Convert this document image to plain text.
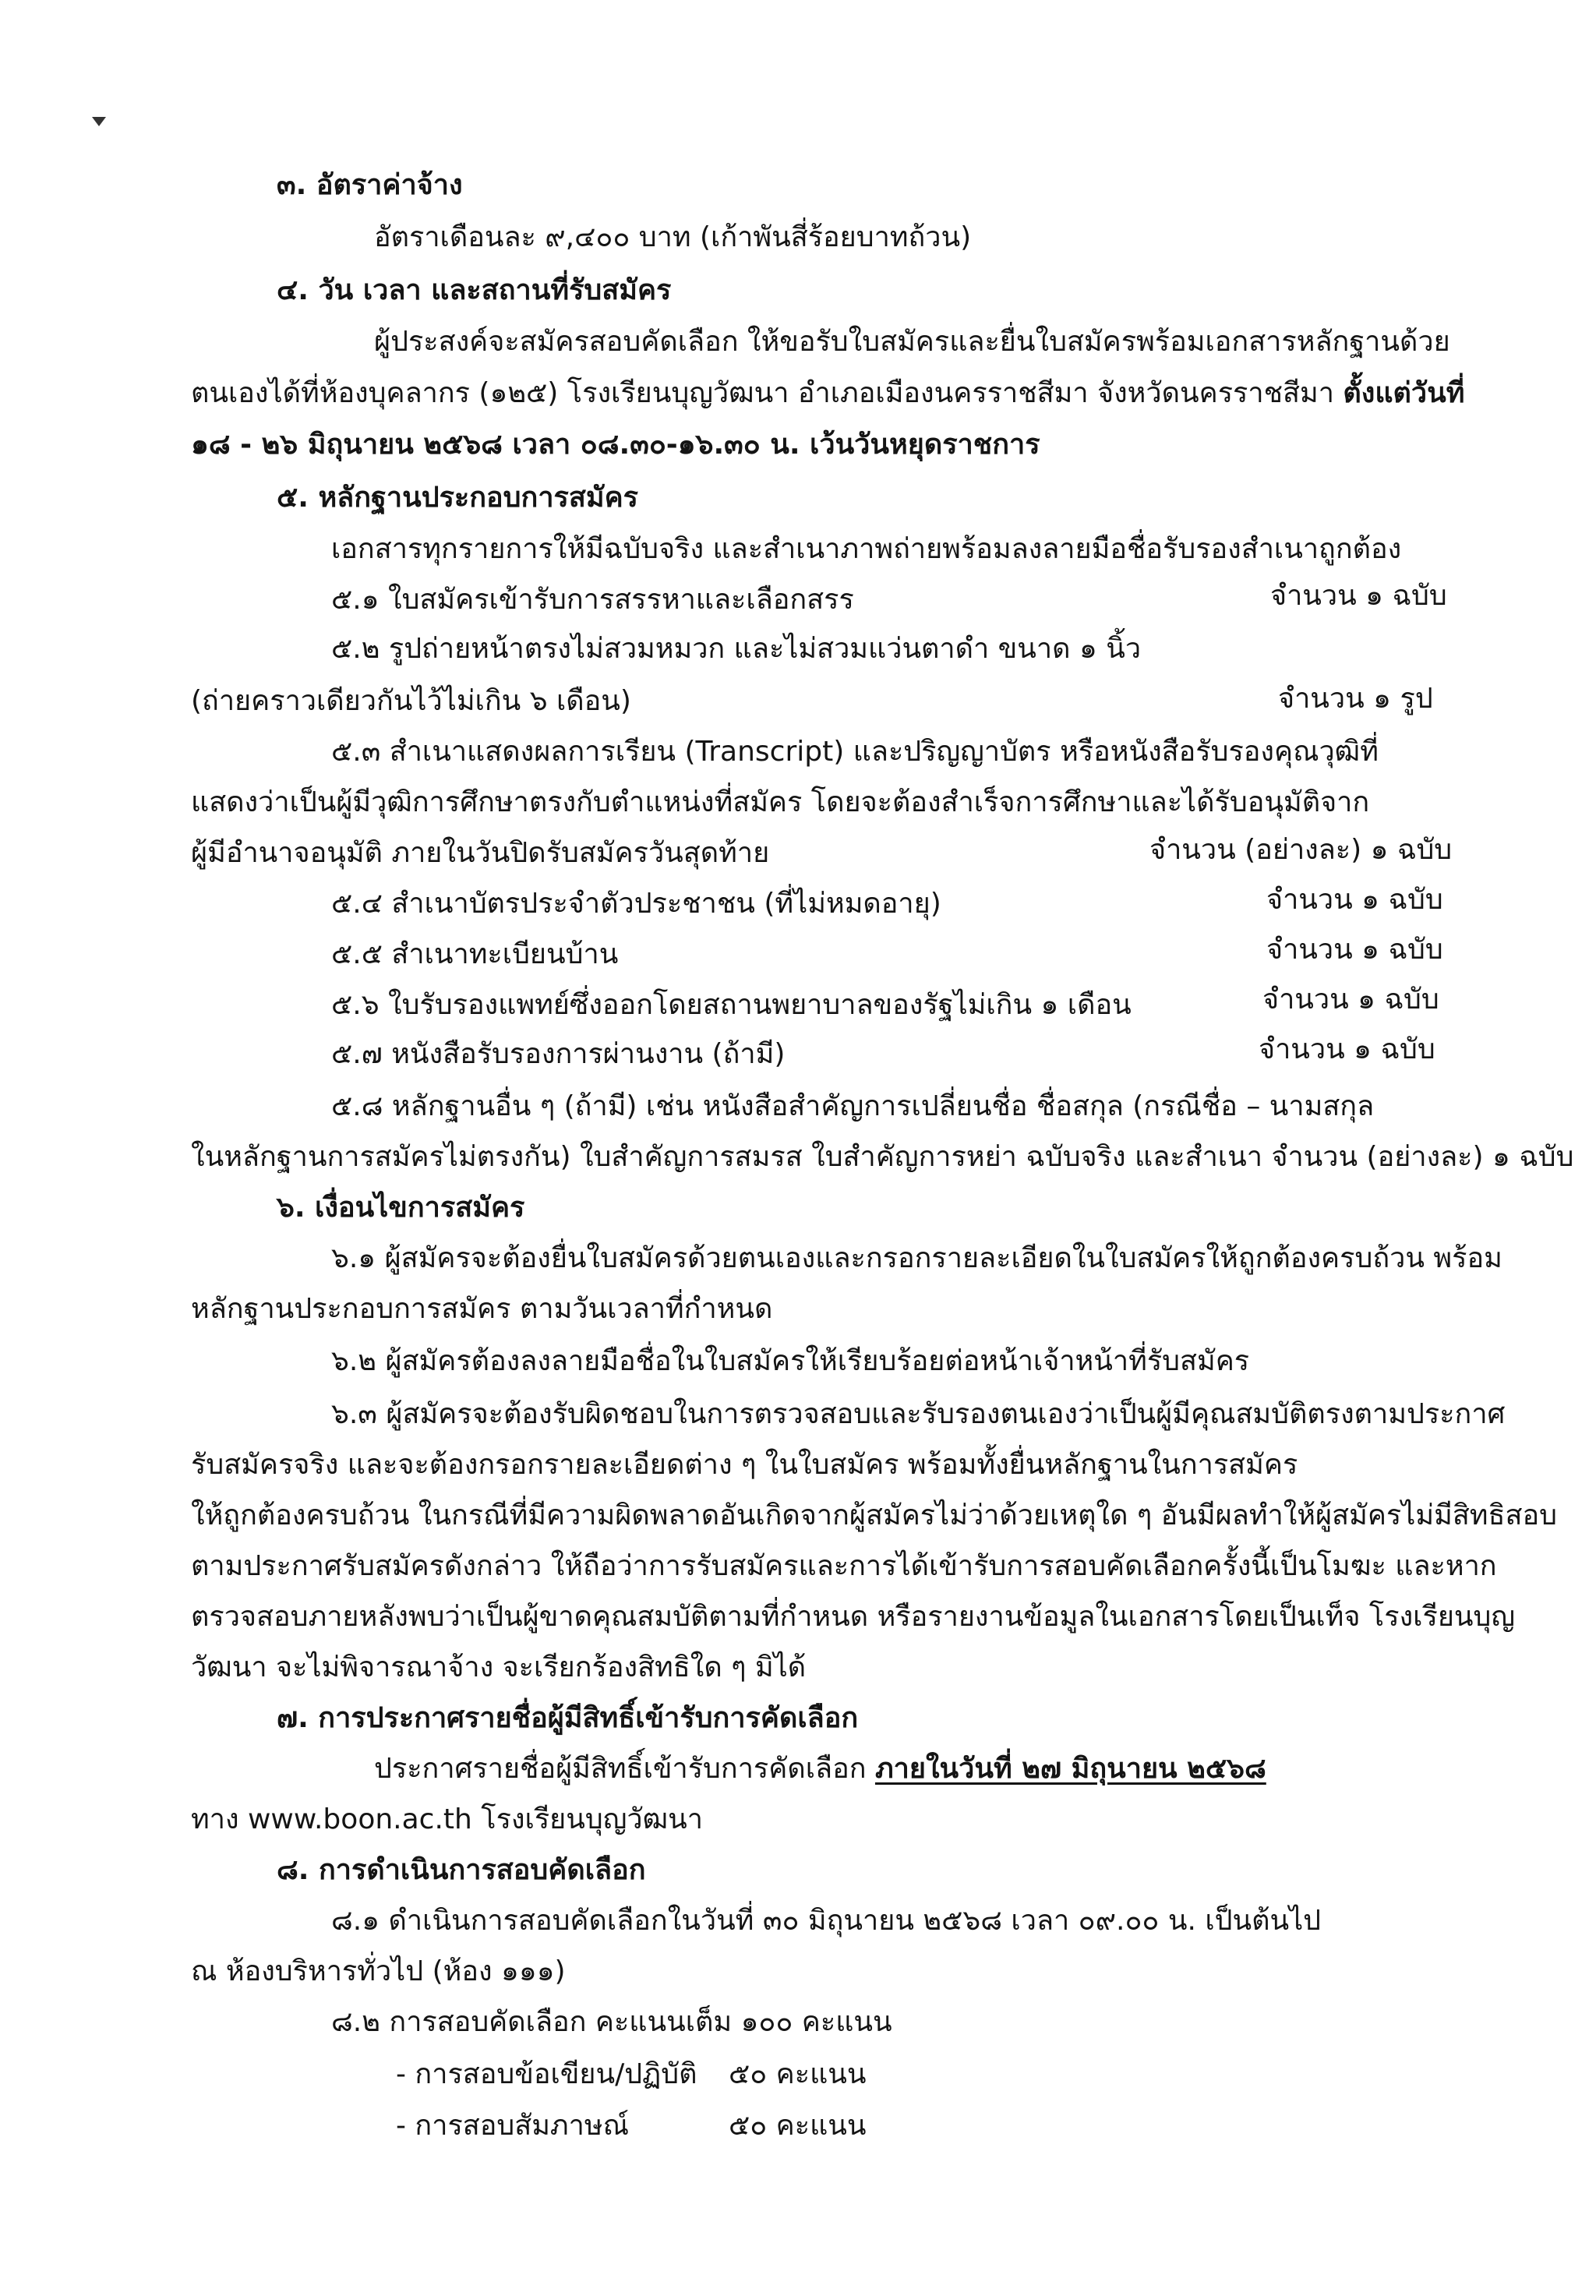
๓. อัตราค่าจ้าง
อัตราเดือนละ ๙,๔๐๐ บาท (เก้าพันสี่ร้อยบาทถ้วน)
๔. วัน เวลา และสถานที่รับสมัคร
ผู้ประสงค์จะสมัครสอบคัดเลือก ให้ขอรับใบสมัครและยื่นใบสมัครพร้อมเอกสารหลักฐานด้วย
ตนเองได้ที่ห้องบุคลากร (๑๒๕) โรงเรียนบุญวัฒนา อำเภอเมืองนครราชสีมา จังหวัดนครราชสีมา ตั้งแต่วันที่
๑๘ - ๒๖ มิถุนายน ๒๕๖๘ เวลา ๐๘.๓๐-๑๖.๓๐ น. เว้นวันหยุดราชการ
๕. หลักฐานประกอบการสมัคร
เอกสารทุกรายการให้มีฉบับจริง และสำเนาภาพถ่ายพร้อมลงลายมือชื่อรับรองสำเนาถูกต้อง
๕.๑ ใบสมัครเข้ารับการสรรหาและเลือกสรร	จำนวน ๑ ฉบับ
๕.๒ รูปถ่ายหน้าตรงไม่สวมหมวก และไม่สวมแว่นตาดำ ขนาด ๑ นิ้ว
(ถ่ายคราวเดียวกันไว้ไม่เกิน ๖ เดือน)	จำนวน ๑ รูป
๕.๓ สำเนาแสดงผลการเรียน (Transcript) และปริญญาบัตร หรือหนังสือรับรองคุณวุฒิที่
แสดงว่าเป็นผู้มีวุฒิการศึกษาตรงกับตำแหน่งที่สมัคร โดยจะต้องสำเร็จการศึกษาและได้รับอนุมัติจาก
ผู้มีอำนาจอนุมัติ ภายในวันปิดรับสมัครวันสุดท้าย	จำนวน (อย่างละ) ๑ ฉบับ
๕.๔ สำเนาบัตรประจำตัวประชาชน (ที่ไม่หมดอายุ)	จำนวน ๑ ฉบับ
๕.๕ สำเนาทะเบียนบ้าน	จำนวน ๑ ฉบับ
๕.๖ ใบรับรองแพทย์ซึ่งออกโดยสถานพยาบาลของรัฐไม่เกิน ๑ เดือน	จำนวน ๑ ฉบับ
๕.๗ หนังสือรับรองการผ่านงาน (ถ้ามี)	จำนวน ๑ ฉบับ
๕.๘ หลักฐานอื่น ๆ (ถ้ามี) เช่น หนังสือสำคัญการเปลี่ยนชื่อ ชื่อสกุล (กรณีชื่อ – นามสกุล
ในหลักฐานการสมัครไม่ตรงกัน) ใบสำคัญการสมรส ใบสำคัญการหย่า ฉบับจริง และสำเนา จำนวน (อย่างละ) ๑ ฉบับ
๖. เงื่อนไขการสมัคร
๖.๑ ผู้สมัครจะต้องยื่นใบสมัครด้วยตนเองและกรอกรายละเอียดในใบสมัครให้ถูกต้องครบถ้วน พร้อม
หลักฐานประกอบการสมัคร ตามวันเวลาที่กำหนด
๖.๒ ผู้สมัครต้องลงลายมือชื่อในใบสมัครให้เรียบร้อยต่อหน้าเจ้าหน้าที่รับสมัคร
๖.๓ ผู้สมัครจะต้องรับผิดชอบในการตรวจสอบและรับรองตนเองว่าเป็นผู้มีคุณสมบัติตรงตามประกาศ
รับสมัครจริง และจะต้องกรอกรายละเอียดต่าง ๆ ในใบสมัคร พร้อมทั้งยื่นหลักฐานในการสมัคร
ให้ถูกต้องครบถ้วน ในกรณีที่มีความผิดพลาดอันเกิดจากผู้สมัครไม่ว่าด้วยเหตุใด ๆ อันมีผลทำให้ผู้สมัครไม่มีสิทธิสอบ
ตามประกาศรับสมัครดังกล่าว ให้ถือว่าการรับสมัครและการได้เข้ารับการสอบคัดเลือกครั้งนี้เป็นโมฆะ และหาก
ตรวจสอบภายหลังพบว่าเป็นผู้ขาดคุณสมบัติตามที่กำหนด หรือรายงานข้อมูลในเอกสารโดยเป็นเท็จ โรงเรียนบุญ
วัฒนา จะไม่พิจารณาจ้าง จะเรียกร้องสิทธิใด ๆ มิได้
๗. การประกาศรายชื่อผู้มีสิทธิ์เข้ารับการคัดเลือก
ประกาศรายชื่อผู้มีสิทธิ์เข้ารับการคัดเลือก ภายในวันที่ ๒๗ มิถุนายน ๒๕๖๘
ทาง www.boon.ac.th โรงเรียนบุญวัฒนา
๘. การดำเนินการสอบคัดเลือก
๘.๑ ดำเนินการสอบคัดเลือกในวันที่ ๓๐ มิถุนายน ๒๕๖๘ เวลา ๐๙.๐๐ น. เป็นต้นไป
ณ ห้องบริหารทั่วไป (ห้อง ๑๑๑)
๘.๒ การสอบคัดเลือก คะแนนเต็ม ๑๐๐ คะแนน
- การสอบข้อเขียน/ปฏิบัติ ๕๐ คะแนน
- การสอบสัมภาษณ์	๕๐ คะแนน
